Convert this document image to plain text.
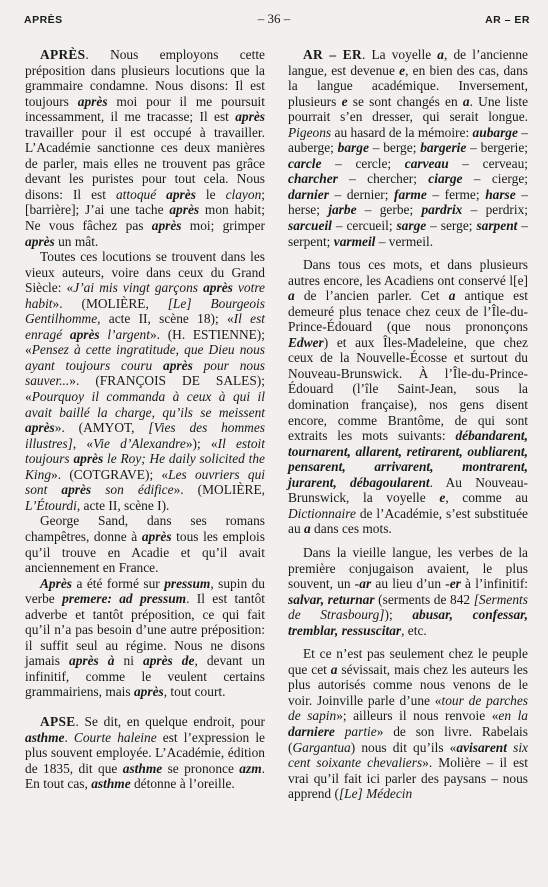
APRÈS	– 36 –	AR – ER

APRÈS. Nous employons cette préposition dans plusieurs locutions que la grammaire condamne. Nous disons: Il est toujours après moi pour il me poursuit incessamment, il me tracasse; Il est après travailler pour il est occupé à travailler. L’Académie sanctionne ces deux manières de parler, mais elles ne trouvent pas grâce devant les puristes pour tout cela. Nous disons: Il est attoqué après le clayon; [barrière]; J’ai une tache après mon habit; Ne vous fâchez pas après moi; grimper après un mât.

Toutes ces locutions se trouvent dans les vieux auteurs, voire dans ceux du Grand Siècle: «J’ai mis vingt garçons après votre habit». (MOLIÈRE, [Le] Bourgeois Gentilhomme, acte II, scène 18); «Il est enragé après l’argent». (H. ESTIENNE); «Pensez à cette ingratitude, que Dieu nous ayant toujours couru après pour nous sauver...». (FRANÇOIS DE SALES); «Pourquoy il commanda à ceux à qui il avait baillé la charge, qu’ils se meissent après». (AMYOT, [Vies des hommes illustres], «Vie d’Alexandre»); «Il estoit toujours après le Roy; He daily solicited the King». (COTGRAVE); «Les ouvriers qui sont après son édifice». (MOLIÈRE, L’Étourdi, acte II, scène I).

George Sand, dans ses romans champêtres, donne à après tous les emplois qu’il trouve en Acadie et qu’il avait anciennement en France.

Après a été formé sur pressum, supin du verbe premere: ad pressum. Il est tantôt adverbe et tantôt préposition, ce qui fait qu’il n’a pas besoin d’une autre préposition: il suffit seul au régime. Nous ne disons jamais après à ni après de, devant un infinitif, comme le veulent certains grammairiens, mais après, tout court.

APSE. Se dit, en quelque endroit, pour asthme. Courte haleine est l’expression le plus souvent employée. L’Académie, édition de 1835, dit que asthme se prononce azm. En tout cas, asthme détonne à l’oreille.

AR – ER. La voyelle a, de l’ancienne langue, est devenue e, en bien des cas, dans la langue académique. Inversement, plusieurs e se sont changés en a. Une liste pourrait s’en dresser, qui serait longue. Pigeons au hasard de la mémoire: aubarge – auberge; barge – berge; bargerie – bergerie; carcle – cercle; carveau – cerveau; charcher – chercher; ciarge – cierge; darnier – dernier; farme – ferme; harse – herse; jarbe – gerbe; pardrix – perdrix; sarcueil – cercueil; sarge – serge; sarpent – serpent; varmeil – vermeil.

Dans tous ces mots, et dans plusieurs autres encore, les Acadiens ont conservé l[e] a de l’ancien parler. Cet a antique est demeuré plus tenace chez ceux de l’Île-du-Prince-Édouard (que nous prononçons Edwer) et aux Îles-Madeleine, que chez ceux de la Nouvelle-Écosse et surtout du Nouveau-Brunswick. À l’Île-du-Prince-Édouard (l’île Saint-Jean, sous la domination française), nos gens disent encore, comme Brantôme, de qui sont extraits les mots suivants: débandarent, tournarent, allarent, retirarent, oubliarent, pensarent, arrivarent, montrarent, jurarent, débagoularent. Au Nouveau-Brunswick, la voyelle e, comme au Dictionnaire de l’Académie, s’est substituée au a dans ces mots.

Dans la vieille langue, les verbes de la première conjugaison avaient, le plus souvent, un -ar au lieu d’un -er à l’infinitif: salvar, returnar (serments de 842 [Serments de Strasbourg]); abusar, confessar, tremblar, ressuscitar, etc.

Et ce n’est pas seulement chez le peuple que cet a sévissait, mais chez les auteurs les plus autorisés comme nous venons de le voir. Joinville parle d’une «tour de parches de sapin»; ailleurs il nous renvoie «en la darniere partie» de son livre. Rabelais (Gargantua) nous dit qu’ils «avisarent six cent soixante chevaliers». Molière – il est vrai qu’il fait ici parler des paysans – nous apprend ([Le] Médecin
